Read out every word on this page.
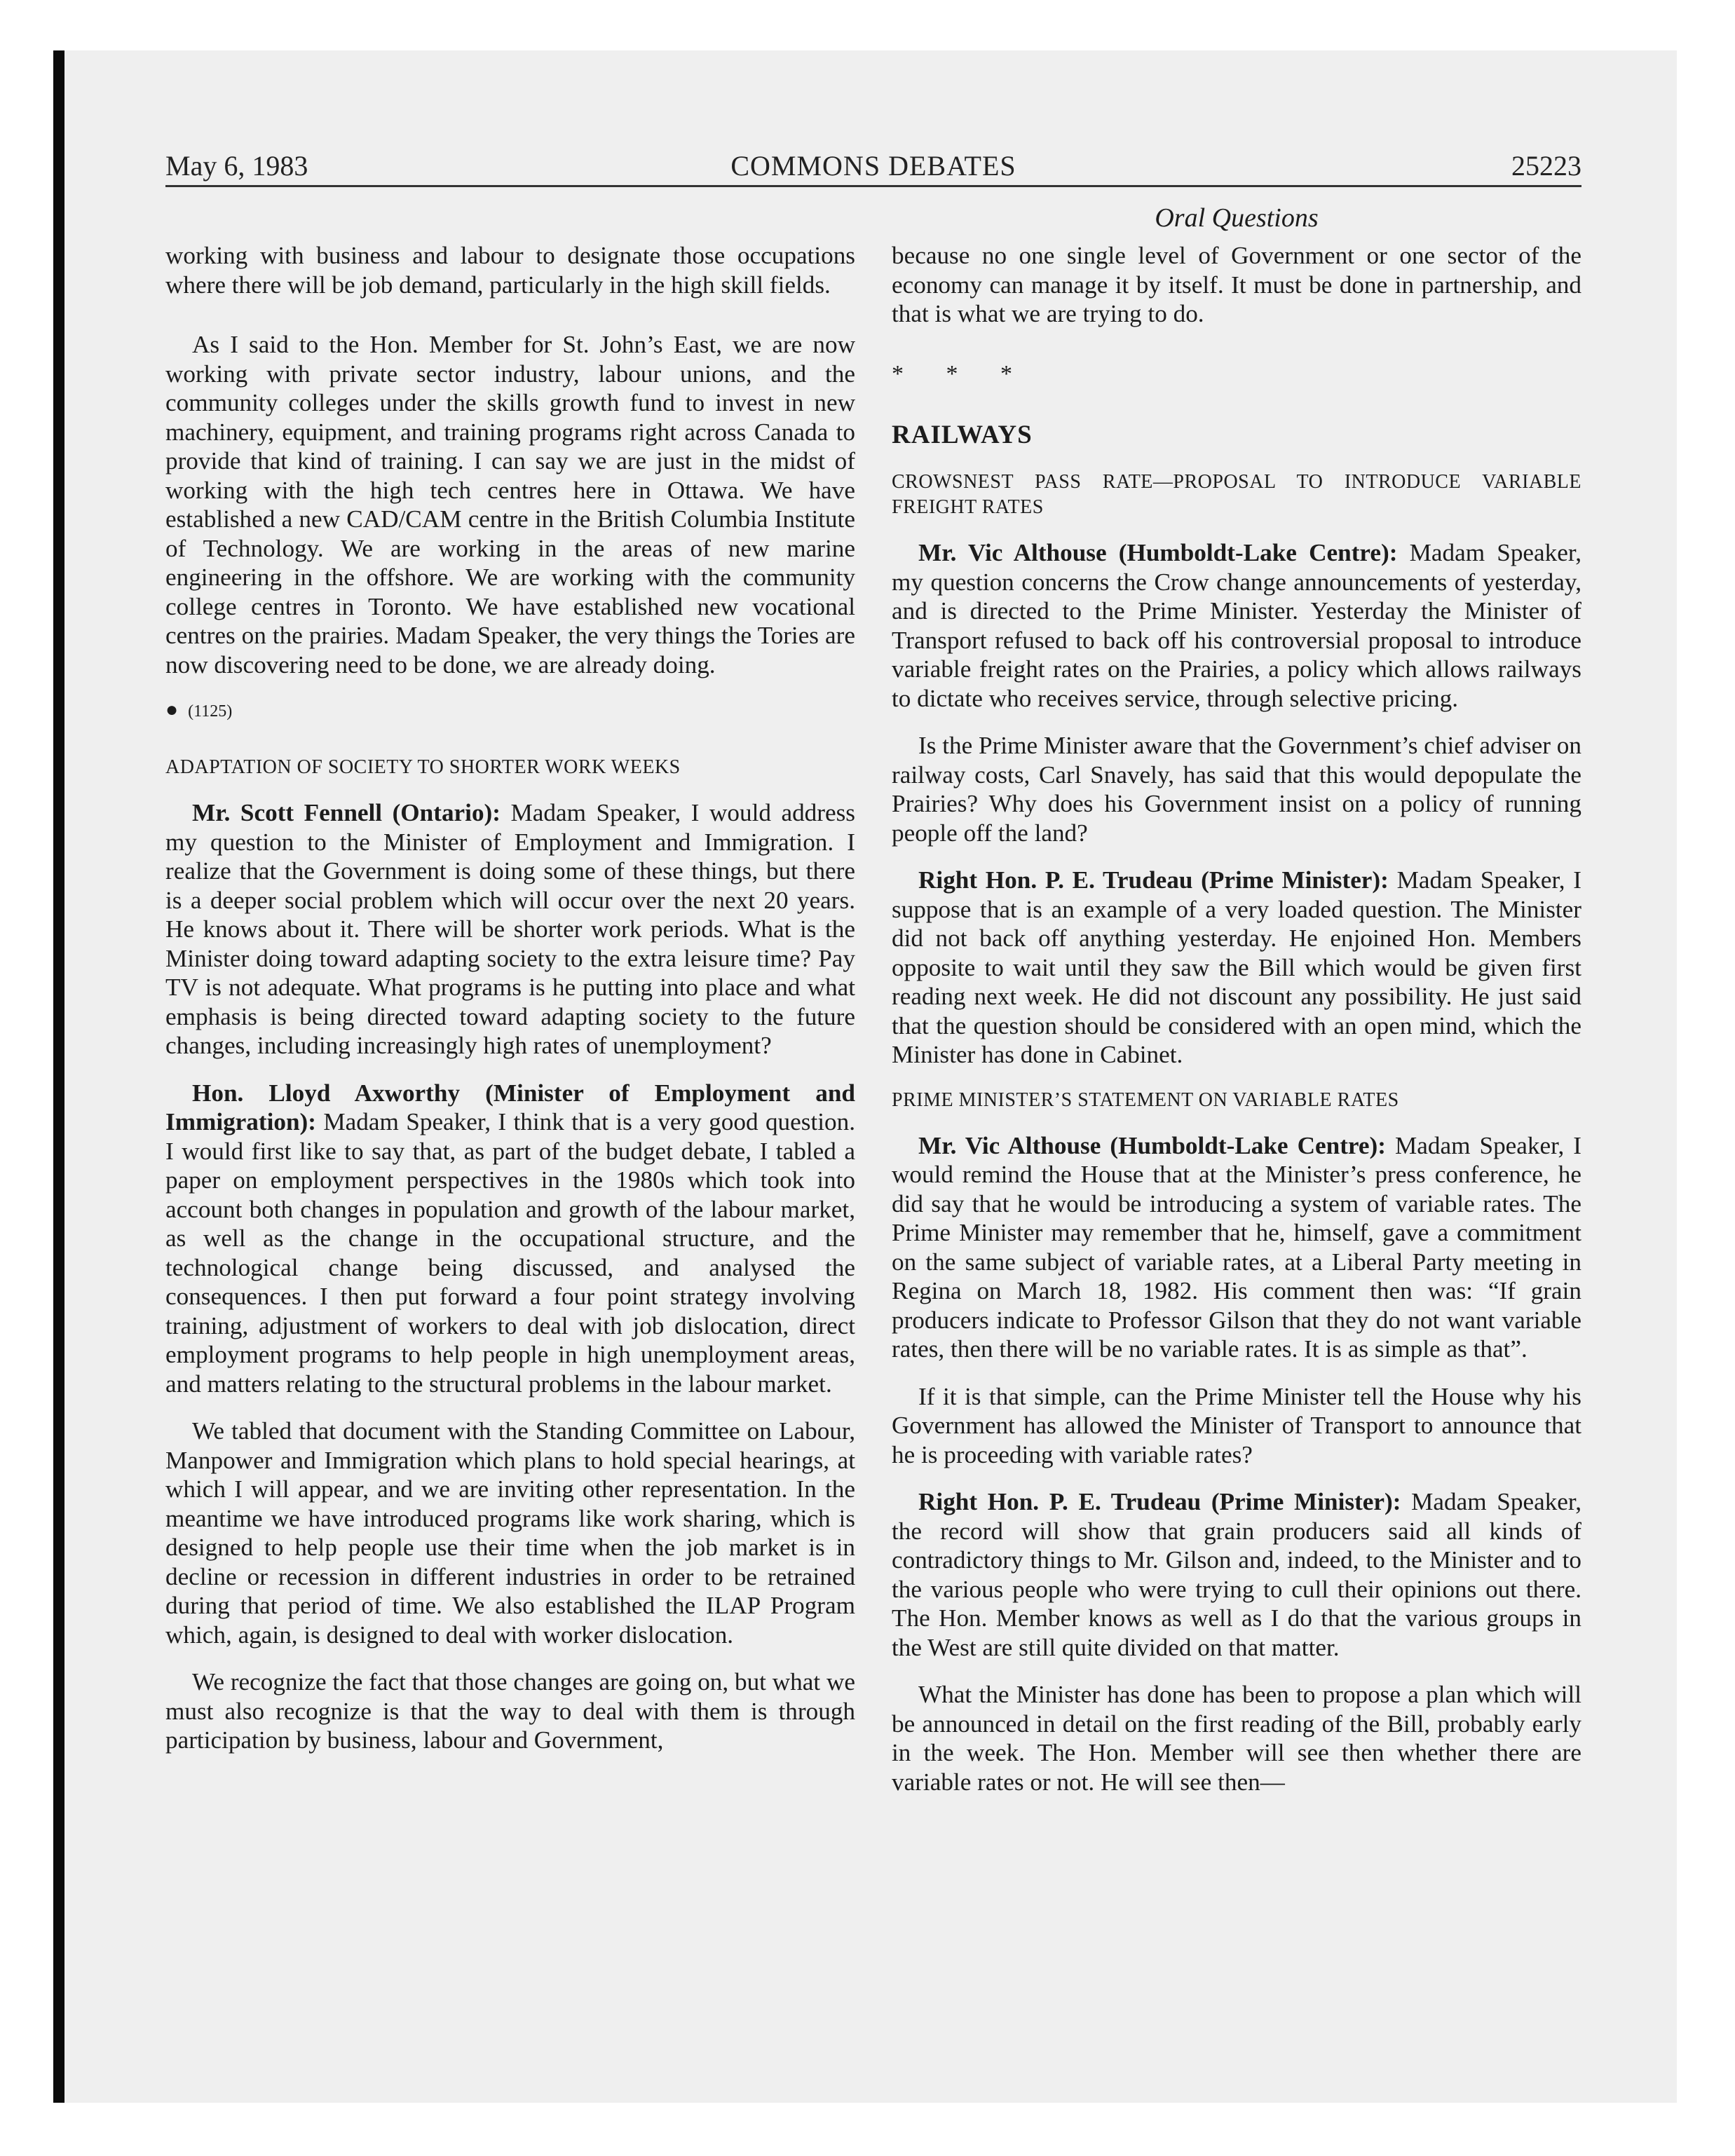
May 6, 1983	COMMONS DEBATES	25223
Oral Questions

working with business and labour to designate those occupations where there will be job demand, particularly in the high skill fields.

As I said to the Hon. Member for St. John’s East, we are now working with private sector industry, labour unions, and the community colleges under the skills growth fund to invest in new machinery, equipment, and training programs right across Canada to provide that kind of training. I can say we are just in the midst of working with the high tech centres here in Ottawa. We have established a new CAD/CAM centre in the British Columbia Institute of Technology. We are working in the areas of new marine engineering in the offshore. We are working with the community college centres in Toronto. We have established new vocational centres on the prairies. Madam Speaker, the very things the Tories are now discovering need to be done, we are already doing.

● (1125)

ADAPTATION OF SOCIETY TO SHORTER WORK WEEKS

Mr. Scott Fennell (Ontario): Madam Speaker, I would address my question to the Minister of Employment and Immigration. I realize that the Government is doing some of these things, but there is a deeper social problem which will occur over the next 20 years. He knows about it. There will be shorter work periods. What is the Minister doing toward adapting society to the extra leisure time? Pay TV is not adequate. What programs is he putting into place and what emphasis is being directed toward adapting society to the future changes, including increasingly high rates of unemployment?

Hon. Lloyd Axworthy (Minister of Employment and Immigration): Madam Speaker, I think that is a very good question. I would first like to say that, as part of the budget debate, I tabled a paper on employment perspectives in the 1980s which took into account both changes in population and growth of the labour market, as well as the change in the occupational structure, and the technological change being discussed, and analysed the consequences. I then put forward a four point strategy involving training, adjustment of workers to deal with job dislocation, direct employment programs to help people in high unemployment areas, and matters relating to the structural problems in the labour market.

We tabled that document with the Standing Committee on Labour, Manpower and Immigration which plans to hold special hearings, at which I will appear, and we are inviting other representation. In the meantime we have introduced programs like work sharing, which is designed to help people use their time when the job market is in decline or recession in different industries in order to be retrained during that period of time. We also established the ILAP Program which, again, is designed to deal with worker dislocation.

We recognize the fact that those changes are going on, but what we must also recognize is that the way to deal with them is through participation by business, labour and Government,

because no one single level of Government or one sector of the economy can manage it by itself. It must be done in partnership, and that is what we are trying to do.

* * *

RAILWAYS

CROWSNEST PASS RATE—PROPOSAL TO INTRODUCE VARIABLE FREIGHT RATES

Mr. Vic Althouse (Humboldt-Lake Centre): Madam Speaker, my question concerns the Crow change announcements of yesterday, and is directed to the Prime Minister. Yesterday the Minister of Transport refused to back off his controversial proposal to introduce variable freight rates on the Prairies, a policy which allows railways to dictate who receives service, through selective pricing.

Is the Prime Minister aware that the Government’s chief adviser on railway costs, Carl Snavely, has said that this would depopulate the Prairies? Why does his Government insist on a policy of running people off the land?

Right Hon. P. E. Trudeau (Prime Minister): Madam Speaker, I suppose that is an example of a very loaded question. The Minister did not back off anything yesterday. He enjoined Hon. Members opposite to wait until they saw the Bill which would be given first reading next week. He did not discount any possibility. He just said that the question should be considered with an open mind, which the Minister has done in Cabinet.

PRIME MINISTER’S STATEMENT ON VARIABLE RATES

Mr. Vic Althouse (Humboldt-Lake Centre): Madam Speaker, I would remind the House that at the Minister’s press conference, he did say that he would be introducing a system of variable rates. The Prime Minister may remember that he, himself, gave a commitment on the same subject of variable rates, at a Liberal Party meeting in Regina on March 18, 1982. His comment then was: “If grain producers indicate to Professor Gilson that they do not want variable rates, then there will be no variable rates. It is as simple as that”.

If it is that simple, can the Prime Minister tell the House why his Government has allowed the Minister of Transport to announce that he is proceeding with variable rates?

Right Hon. P. E. Trudeau (Prime Minister): Madam Speaker, the record will show that grain producers said all kinds of contradictory things to Mr. Gilson and, indeed, to the Minister and to the various people who were trying to cull their opinions out there. The Hon. Member knows as well as I do that the various groups in the West are still quite divided on that matter.

What the Minister has done has been to propose a plan which will be announced in detail on the first reading of the Bill, probably early in the week. The Hon. Member will see then whether there are variable rates or not. He will see then—
